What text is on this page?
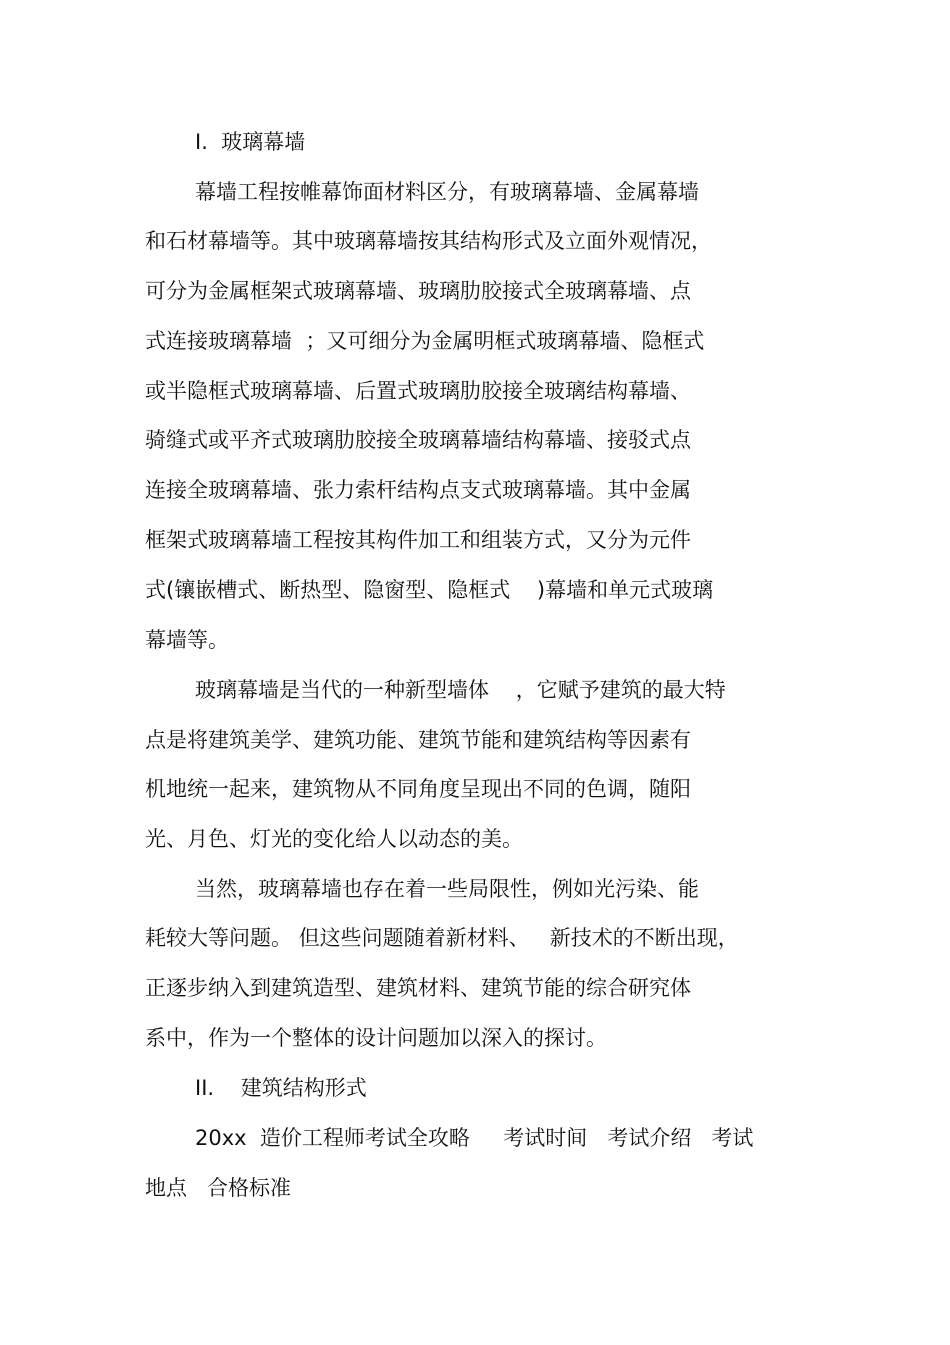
I.  玻璃幕墙
幕墙工程按帷幕饰面材料区分，有玻璃幕墙、金属幕墙
和石材幕墙等。其中玻璃幕墙按其结构形式及立面外观情况，
可分为金属框架式玻璃幕墙、玻璃肋胶接式全玻璃幕墙、点
式连接玻璃幕墙  ；又可细分为金属明框式玻璃幕墙、隐框式
或半隐框式玻璃幕墙、后置式玻璃肋胶接全玻璃结构幕墙、
骑缝式或平齐式玻璃肋胶接全玻璃幕墙结构幕墙、接驳式点
连接全玻璃幕墙、张力索杆结构点支式玻璃幕墙。其中金属
框架式玻璃幕墙工程按其构件加工和组装方式，又分为元件
式(镶嵌槽式、断热型、隐窗型、隐框式    )幕墙和单元式玻璃
幕墙等。
玻璃幕墙是当代的一种新型墙体    ，它赋予建筑的最大特
点是将建筑美学、建筑功能、建筑节能和建筑结构等因素有
机地统一起来，建筑物从不同角度呈现出不同的色调，随阳
光、月色、灯光的变化给人以动态的美。
当然，玻璃幕墙也存在着一些局限性，例如光污染、能
耗较大等问题。 但这些问题随着新材料、   新技术的不断出现，
正逐步纳入到建筑造型、建筑材料、建筑节能的综合研究体
系中，作为一个整体的设计问题加以深入的探讨。
II.    建筑结构形式
20xx  造价工程师考试全攻略     考试时间   考试介绍   考试
地点   合格标准
